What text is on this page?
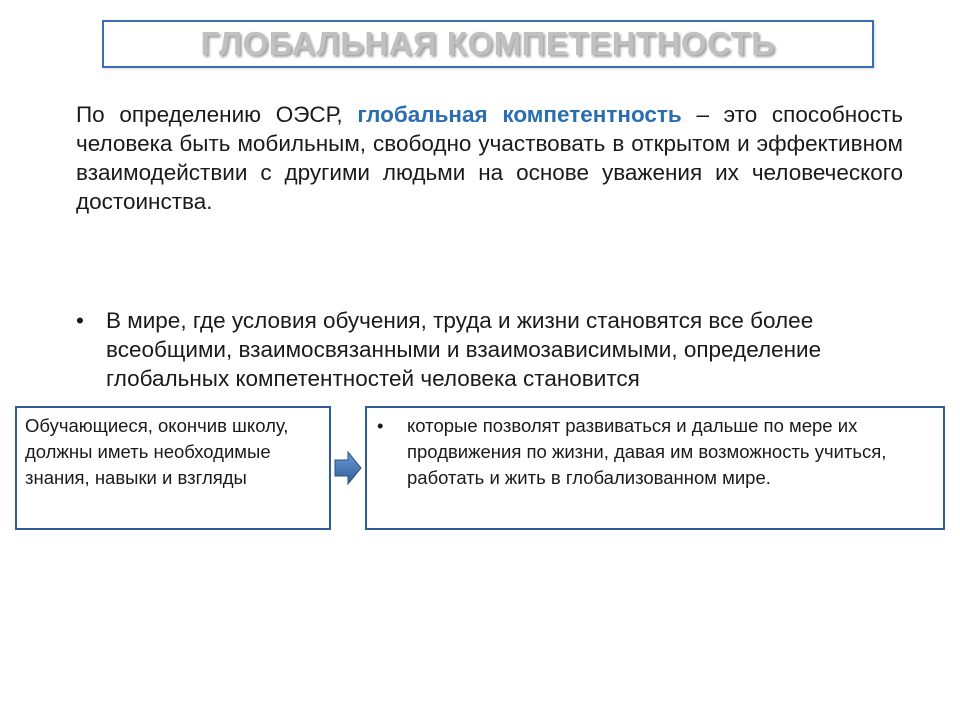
ГЛОБАЛЬНАЯ КОМПЕТЕНТНОСТЬ
По определению ОЭСР, глобальная компетентность – это способность человека быть мобильным, свободно участвовать в открытом и эффективном взаимодействии с другими людьми на основе уважения их человеческого достоинства.
• В мире, где условия обучения, труда и жизни становятся все более всеобщими, взаимосвязанными и взаимозависимыми, определение глобальных компетентностей человека становится
Обучающиеся, окончив школу, должны иметь необходимые знания, навыки и взгляды
•	которые позволят развиваться и дальше по мере их продвижения по жизни, давая им возможность учиться, работать и жить в глобализованном мире.
